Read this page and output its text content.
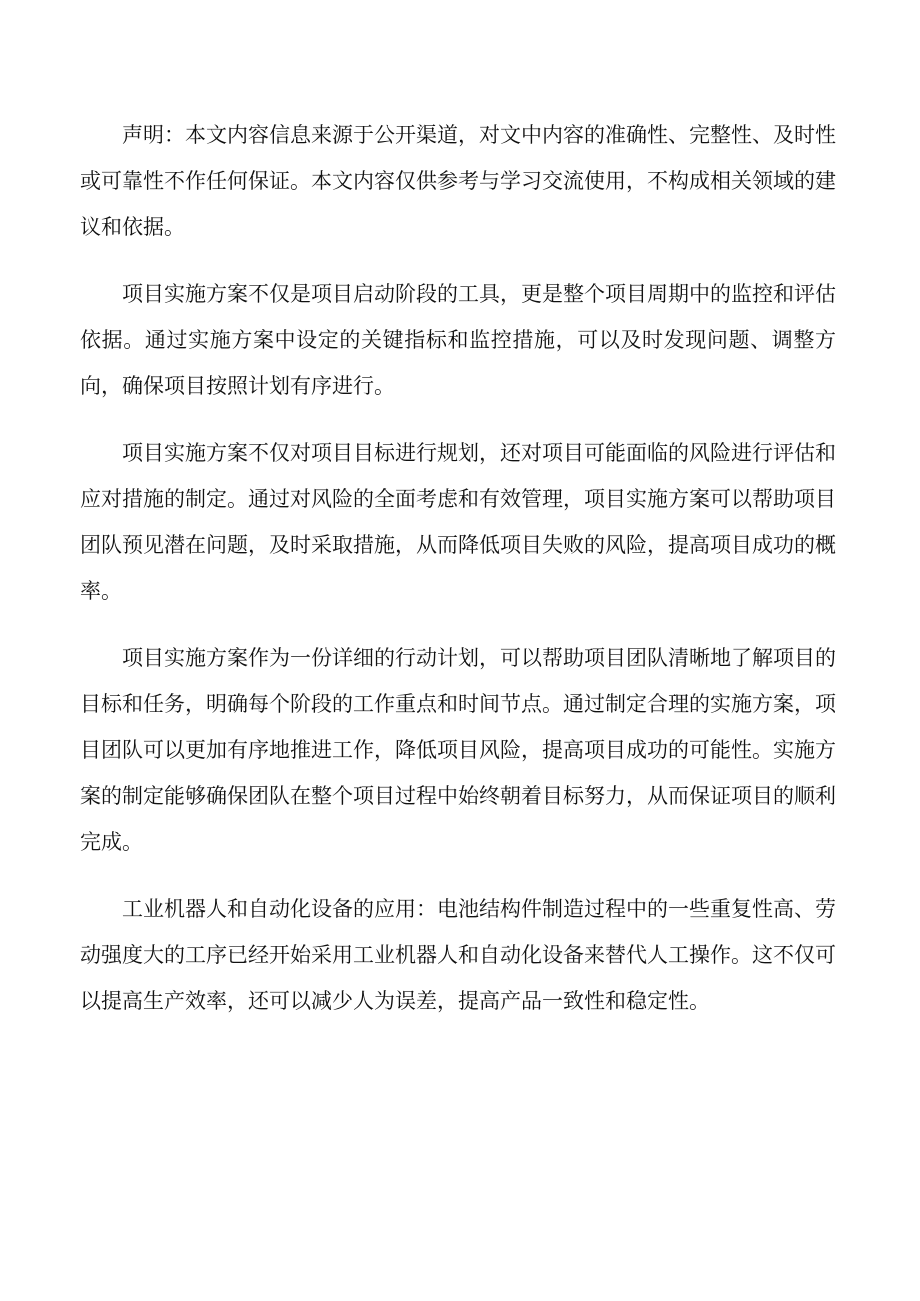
声明：本文内容信息来源于公开渠道，对文中内容的准确性、完整性、及时性或可靠性不作任何保证。本文内容仅供参考与学习交流使用，不构成相关领域的建议和依据。

项目实施方案不仅是项目启动阶段的工具，更是整个项目周期中的监控和评估依据。通过实施方案中设定的关键指标和监控措施，可以及时发现问题、调整方向，确保项目按照计划有序进行。

项目实施方案不仅对项目目标进行规划，还对项目可能面临的风险进行评估和应对措施的制定。通过对风险的全面考虑和有效管理，项目实施方案可以帮助项目团队预见潜在问题，及时采取措施，从而降低项目失败的风险，提高项目成功的概率。

项目实施方案作为一份详细的行动计划，可以帮助项目团队清晰地了解项目的目标和任务，明确每个阶段的工作重点和时间节点。通过制定合理的实施方案，项目团队可以更加有序地推进工作，降低项目风险，提高项目成功的可能性。实施方案的制定能够确保团队在整个项目过程中始终朝着目标努力，从而保证项目的顺利完成。

工业机器人和自动化设备的应用：电池结构件制造过程中的一些重复性高、劳动强度大的工序已经开始采用工业机器人和自动化设备来替代人工操作。这不仅可以提高生产效率，还可以减少人为误差，提高产品一致性和稳定性。
